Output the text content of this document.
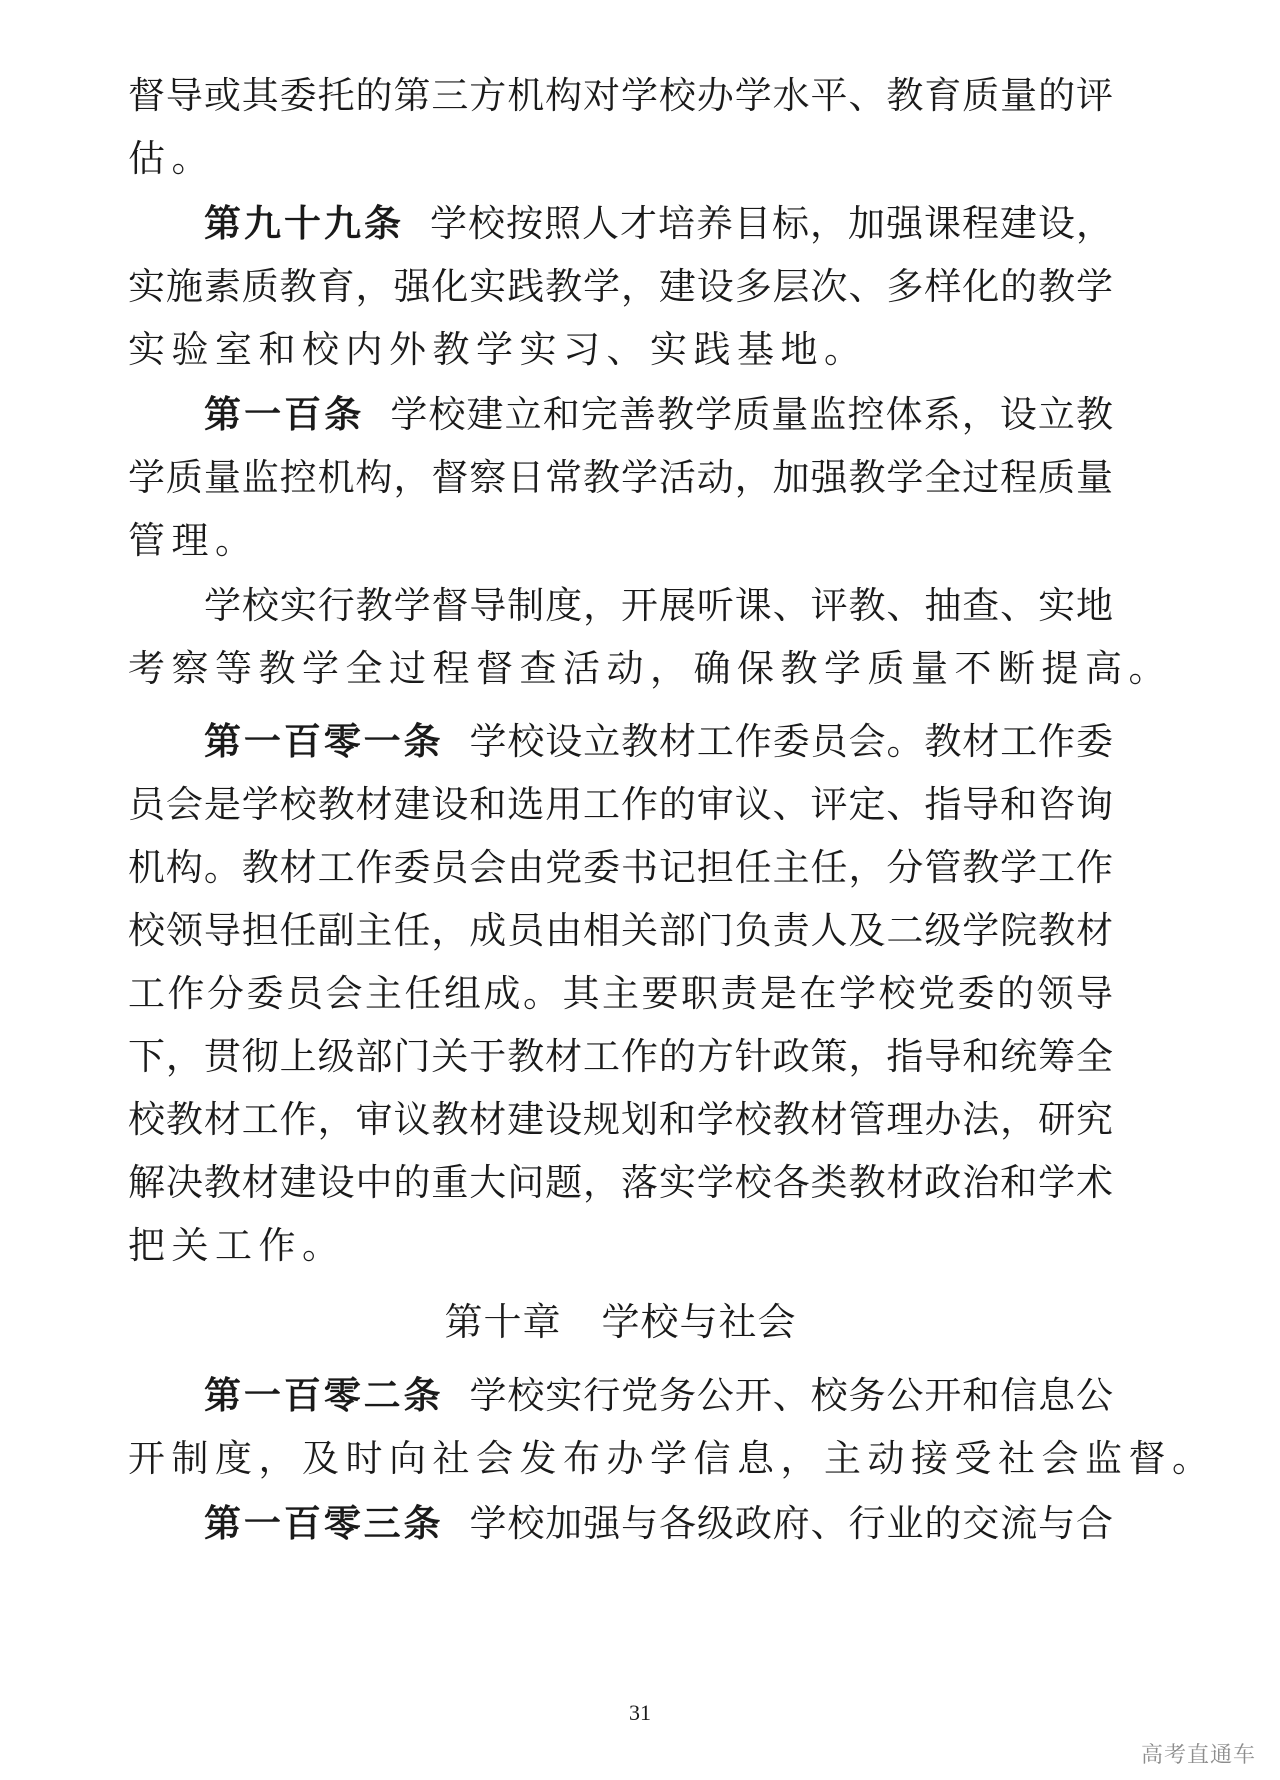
督导或其委托的第三方机构对学校办学水平、教育质量的评
估。
第九十九条 学校按照人才培养目标，加强课程建设，
实施素质教育，强化实践教学，建设多层次、多样化的教学
实验室和校内外教学实习、实践基地。
第一百条 学校建立和完善教学质量监控体系，设立教
学质量监控机构，督察日常教学活动，加强教学全过程质量
管理。
学校实行教学督导制度，开展听课、评教、抽查、实地
考察等教学全过程督查活动，确保教学质量不断提高。
第一百零一条 学校设立教材工作委员会。教材工作委
员会是学校教材建设和选用工作的审议、评定、指导和咨询
机构。教材工作委员会由党委书记担任主任，分管教学工作
校领导担任副主任，成员由相关部门负责人及二级学院教材
工作分委员会主任组成。其主要职责是在学校党委的领导
下，贯彻上级部门关于教材工作的方针政策，指导和统筹全
校教材工作，审议教材建设规划和学校教材管理办法，研究
解决教材建设中的重大问题，落实学校各类教材政治和学术
把关工作。
第十章 学校与社会
第一百零二条 学校实行党务公开、校务公开和信息公
开制度，及时向社会发布办学信息，主动接受社会监督。
第一百零三条 学校加强与各级政府、行业的交流与合
31
高考直通车
